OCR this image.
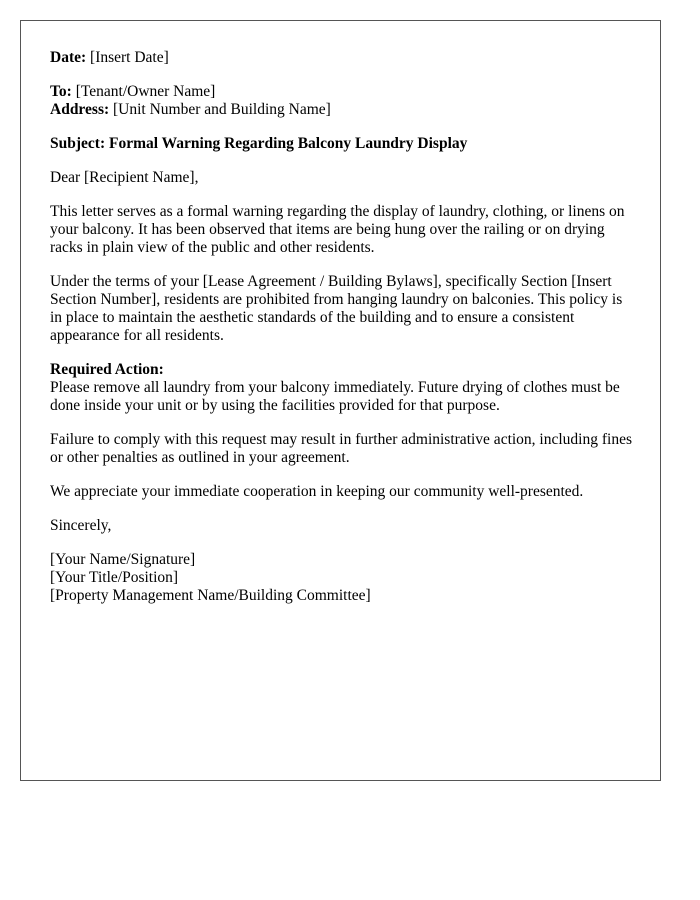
Date: [Insert Date]

To: [Tenant/Owner Name]
Address: [Unit Number and Building Name]

Subject: Formal Warning Regarding Balcony Laundry Display

Dear [Recipient Name],

This letter serves as a formal warning regarding the display of laundry, clothing, or linens on your balcony. It has been observed that items are being hung over the railing or on drying racks in plain view of the public and other residents.

Under the terms of your [Lease Agreement / Building Bylaws], specifically Section [Insert Section Number], residents are prohibited from hanging laundry on balconies. This policy is in place to maintain the aesthetic standards of the building and to ensure a consistent appearance for all residents.

Required Action:
Please remove all laundry from your balcony immediately. Future drying of clothes must be done inside your unit or by using the facilities provided for that purpose.

Failure to comply with this request may result in further administrative action, including fines or other penalties as outlined in your agreement.

We appreciate your immediate cooperation in keeping our community well-presented.

Sincerely,

[Your Name/Signature]
[Your Title/Position]
[Property Management Name/Building Committee]
